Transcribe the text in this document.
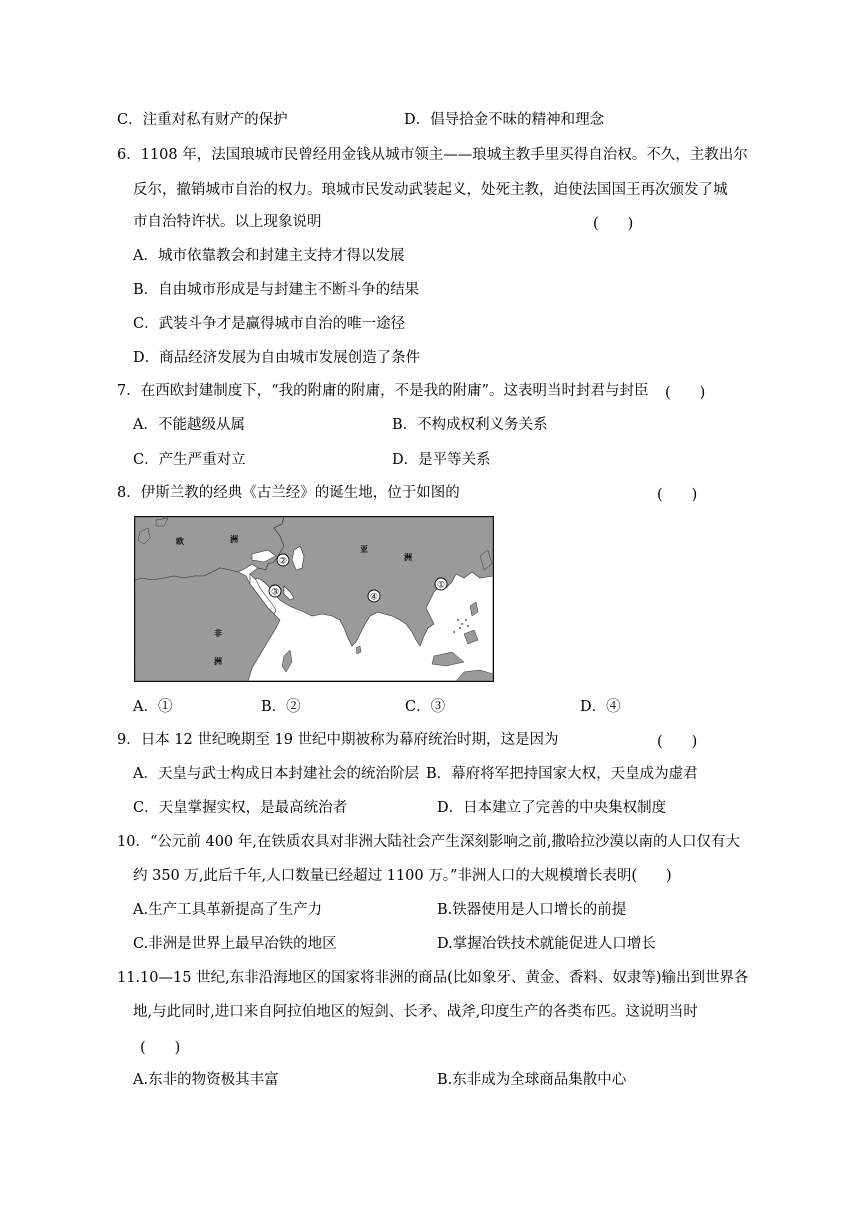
C．注重对私有财产的保护	D．倡导拾金不昧的精神和理念
6．1108 年，法国琅城市民曾经用金钱从城市领主——琅城主教手里买得自治权。不久，主教出尔
反尔，撤销城市自治的权力。琅城市民发动武装起义，处死主教，迫使法国国王再次颁发了城
市自治特许状。以上现象说明	(　　)
A．城市依靠教会和封建主支持才得以发展
B．自由城市形成是与封建主不断斗争的结果
C．武装斗争才是赢得城市自治的唯一途径
D．商品经济发展为自由城市发展创造了条件
7．在西欧封建制度下，“我的附庸的附庸，不是我的附庸”。这表明当时封君与封臣 (　　)
A．不能越级从属	B．不构成权利义务关系
C．产生严重对立	D．是平等关系
8．伊斯兰教的经典《古兰经》的诞生地，位于如图的	(　　)
欧	洲
亚
洲
非
洲
①
②
③	④
A．①	B．②	C．③	D．④
9．日本 12 世纪晚期至 19 世纪中期被称为幕府统治时期，这是因为	(　　)
A．天皇与武士构成日本封建社会的统治阶层 B．幕府将军把持国家大权，天皇成为虚君
C．天皇掌握实权，是最高统治者	D．日本建立了完善的中央集权制度
10．“公元前 400 年,在铁质农具对非洲大陆社会产生深刻影响之前,撒哈拉沙漠以南的人口仅有大
约 350 万,此后千年,人口数量已经超过 1100 万。”非洲人口的大规模增长表明(　　)
A.生产工具革新提高了生产力	B.铁器使用是人口增长的前提
C.非洲是世界上最早冶铁的地区	D.掌握冶铁技术就能促进人口增长
11.10—15 世纪,东非沿海地区的国家将非洲的商品(比如象牙、黄金、香料、奴隶等)输出到世界各
地,与此同时,进口来自阿拉伯地区的短剑、长矛、战斧,印度生产的各类布匹。这说明当时
(　　)
A.东非的物资极其丰富	B.东非成为全球商品集散中心
